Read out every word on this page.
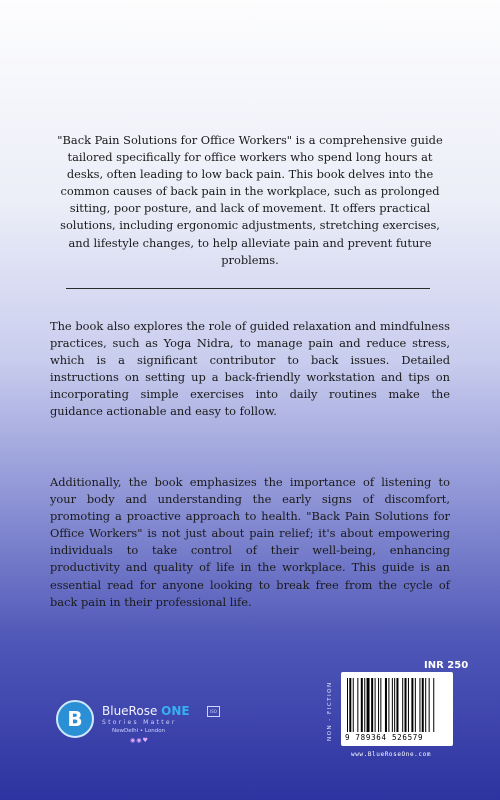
"Back Pain Solutions for Office Workers" is a comprehensive guide tailored specifically for office workers who spend long hours at desks, often leading to low back pain. This book delves into the common causes of back pain in the workplace, such as prolonged sitting, poor posture, and lack of movement. It offers practical solutions, including ergonomic adjustments, stretching exercises, and lifestyle changes, to help alleviate pain and prevent future problems.

The book also explores the role of guided relaxation and mindfulness practices, such as Yoga Nidra, to manage pain and reduce stress, which is a significant contributor to back issues. Detailed instructions on setting up a back-friendly workstation and tips on incorporating simple exercises into daily routines make the guidance actionable and easy to follow.

Additionally, the book emphasizes the importance of listening to your body and understanding the early signs of discomfort, promoting a proactive approach to health. "Back Pain Solutions for Office Workers" is not just about pain relief; it's about empowering individuals to take control of their well-being, enhancing productivity and quality of life in the workplace. This guide is an essential read for anyone looking to break free from the cycle of back pain in their professional life.

B	BlueRose ONE	ISO
Stories Matter
NewDelhi • London
◉◉♥
INR 250
NON - FICTION	9 789364 526579
www.BlueRoseOne.com
